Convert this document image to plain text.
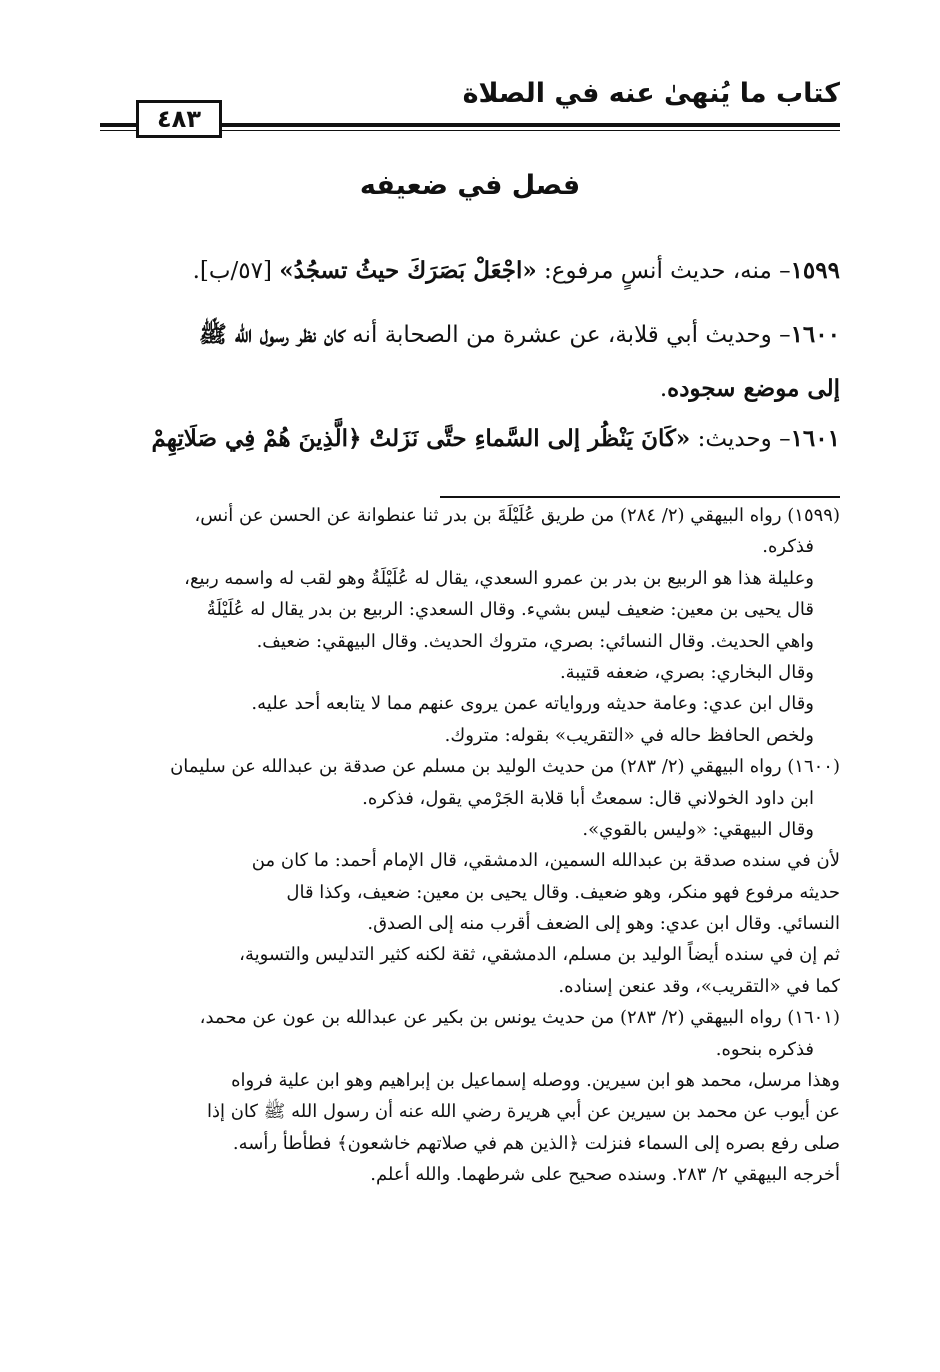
كتاب ما يُنهىٰ عنه في الصلاة
٤٨٣
فصل في ضعيفه
١٥٩٩– منه، حديث أنسٍ مرفوع: «اجْعَلْ بَصَرَكَ حيثُ تسجُدُ» [٥٧/ب].
١٦٠٠– وحديث أبي قلابة، عن عشرة من الصحابة أنه كان نظر رسول الله ﷺ
إلى موضع سجوده.
١٦٠١– وحديث: «كَانَ يَنْظُر إلى السَّماءِ حتَّى نَزَلتْ ﴿الَّذِينَ هُمْ فِي صَلَاتِهِمْ
(١٥٩٩) رواه البيهقي (٢/ ٢٨٤) من طريق عُلَيْلَةَ بن بدر ثنا عنطوانة عن الحسن عن أنس،
فذكره.
وعليلة هذا هو الربيع بن بدر بن عمرو السعدي، يقال له عُلَيْلَةُ وهو لقب له واسمه ربيع،
قال يحيى بن معين: ضعيف ليس بشيء. وقال السعدي: الربيع بن بدر يقال له عُلَيْلَةُ
واهي الحديث. وقال النسائي: بصري، متروك الحديث. وقال البيهقي: ضعيف.
وقال البخاري: بصري، ضعفه قتيبة.
وقال ابن عدي: وعامة حديثه ورواياته عمن يروى عنهم مما لا يتابعه أحد عليه.
ولخص الحافظ حاله في «التقريب» بقوله: متروك.
(١٦٠٠) رواه البيهقي (٢/ ٢٨٣) من حديث الوليد بن مسلم عن صدقة بن عبدالله عن سليمان
ابن داود الخولاني قال: سمعتُ أبا قلابة الجَرْمي يقول، فذكره.
وقال البيهقي: «وليس بالقوي».
لأن في سنده صدقة بن عبدالله السمين، الدمشقي، قال الإمام أحمد: ما كان من
حديثه مرفوع فهو منكر، وهو ضعيف. وقال يحيى بن معين: ضعيف، وكذا قال
النسائي. وقال ابن عدي: وهو إلى الضعف أقرب منه إلى الصدق.
ثم إن في سنده أيضاً الوليد بن مسلم، الدمشقي، ثقة لكنه كثير التدليس والتسوية،
كما في «التقريب»، وقد عنعن إسناده.
(١٦٠١) رواه البيهقي (٢/ ٢٨٣) من حديث يونس بن بكير عن عبدالله بن عون عن محمد،
فذكره بنحوه.
وهذا مرسل، محمد هو ابن سيرين. ووصله إسماعيل بن إبراهيم وهو ابن علية فرواه
عن أيوب عن محمد بن سيرين عن أبي هريرة رضي الله عنه أن رسول الله ﷺ كان إذا
صلى رفع بصره إلى السماء فنزلت ﴿الذين هم في صلاتهم خاشعون﴾ فطأطأ رأسه.
أخرجه البيهقي ٢/ ٢٨٣. وسنده صحيح على شرطهما. والله أعلم.
